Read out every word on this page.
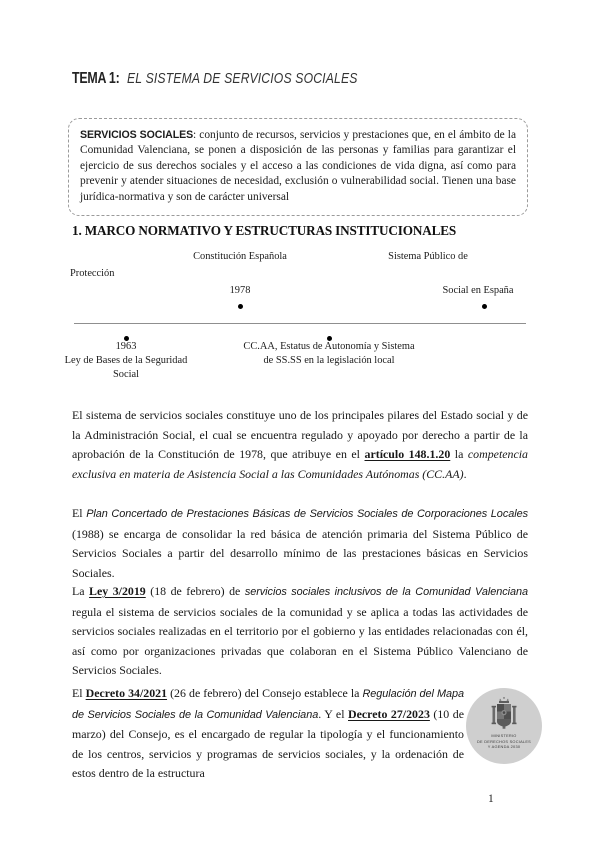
TEMA 1: EL SISTEMA DE SERVICIOS SOCIALES

SERVICIOS SOCIALES: conjunto de recursos, servicios y prestaciones que, en el ámbito de la Comunidad Valenciana, se ponen a disposición de las personas y familias para garantizar el ejercicio de sus derechos sociales y el acceso a las condiciones de vida digna, así como para prevenir y atender situaciones de necesidad, exclusión o vulnerabilidad social. Tienen una base jurídica-normativa y son de carácter universal

1. MARCO NORMATIVO Y ESTRUCTURAS INSTITUCIONALES
Constitución Española
1978
Protección
Sistema Público de
Social en España
1963
Ley de Bases de la Seguridad
Social
CC.AA, Estatus de Autonomía y Sistema
de SS.SS en la legislación local

El sistema de servicios sociales constituye uno de los principales pilares del Estado social y de la Administración Social, el cual se encuentra regulado y apoyado por derecho a partir de la aprobación de la Constitución de 1978, que atribuye en el artículo 148.1.20 la competencia exclusiva en materia de Asistencia Social a las Comunidades Autónomas (CC.AA).

El Plan Concertado de Prestaciones Básicas de Servicios Sociales de Corporaciones Locales (1988) se encarga de consolidar la red básica de atención primaria del Sistema Público de Servicios Sociales a partir del desarrollo mínimo de las prestaciones básicas en Servicios Sociales.

La Ley 3/2019 (18 de febrero) de servicios sociales inclusivos de la Comunidad Valenciana regula el sistema de servicios sociales de la comunidad y se aplica a todas las actividades de servicios sociales realizadas en el territorio por el gobierno y las entidades relacionadas con él, así como por organizaciones privadas que colaboran en el Sistema Público Valenciano de Servicios Sociales.

El Decreto 34/2021 (26 de febrero) del Consejo establece la Regulación del Mapa de Servicios Sociales de la Comunidad Valenciana. Y el Decreto 27/2023 (10 de marzo) del Consejo, es el encargado de regular la tipología y el funcionamiento de los centros, servicios y programas de servicios sociales, y la ordenación de estos dentro de la estructura

MINISTERIO
DE DERECHOS SOCIALES
Y AGENDA 2030
1
